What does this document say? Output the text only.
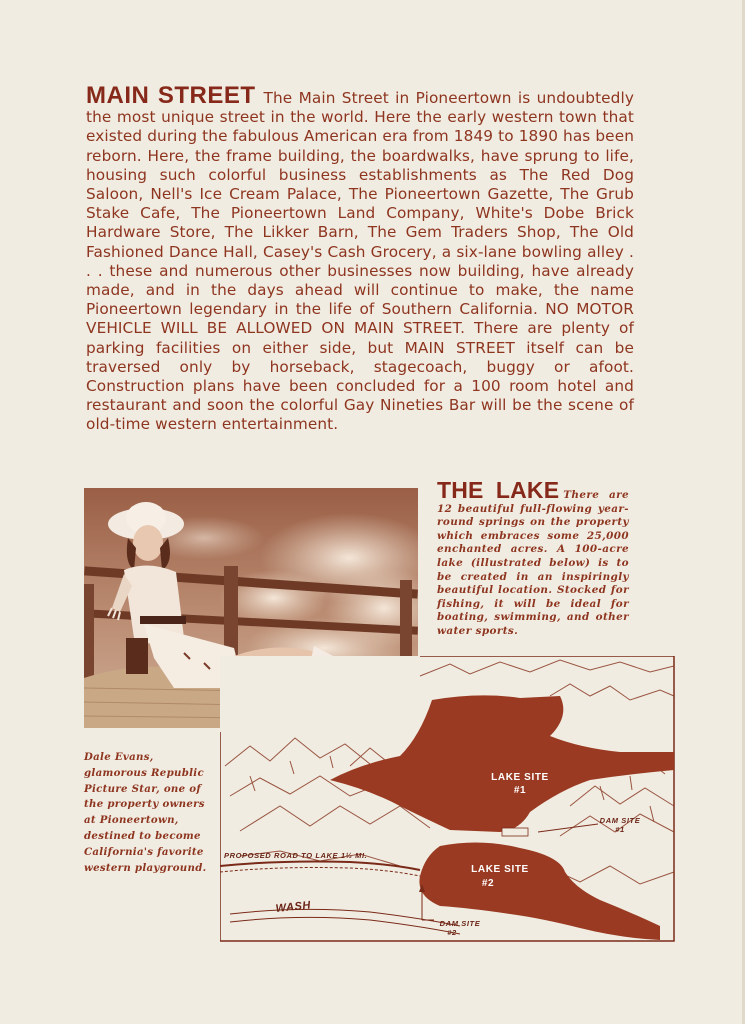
MAIN STREET The Main Street in Pioneertown is undoubtedly the most unique street in the world. Here the early western town that existed during the fabulous American era from 1849 to 1890 has been reborn. Here, the frame building, the boardwalks, have sprung to life, housing such colorful business establishments as The Red Dog Saloon, Nell's Ice Cream Palace, The Pioneertown Gazette, The Grub Stake Cafe, The Pioneertown Land Company, White's Dobe Brick Hardware Store, The Likker Barn, The Gem Traders Shop, The Old Fashioned Dance Hall, Casey's Cash Grocery, a six-lane bowling alley . . . these and numerous other businesses now building, have already made, and in the days ahead will continue to make, the name Pioneertown legendary in the life of Southern California. NO MOTOR VEHICLE WILL BE ALLOWED ON MAIN STREET. There are plenty of parking facilities on either side, but MAIN STREET itself can be traversed only by horseback, stagecoach, buggy or afoot. Construction plans have been concluded for a 100 room hotel and restaurant and soon the colorful Gay Nineties Bar will be the scene of old-time western entertainment.
THE LAKE There are 12 beautiful full-flowing year-round springs on the property which embraces some 25,000 enchanted acres. A 100-acre lake (illustrated below) is to be created in an inspiringly beautiful location. Stocked for fishing, it will be ideal for boating, swimming, and other water sports.
Dale Evans, glamorous Republic Picture Star, one of the property owners at Pioneertown, destined to become California's favorite western playground.
LAKE SITE
#1
LAKE SITE
#2
DAM SITE
#1
DAM SITE
#2
PROPOSED ROAD TO LAKE 1½ MI.
WASH
